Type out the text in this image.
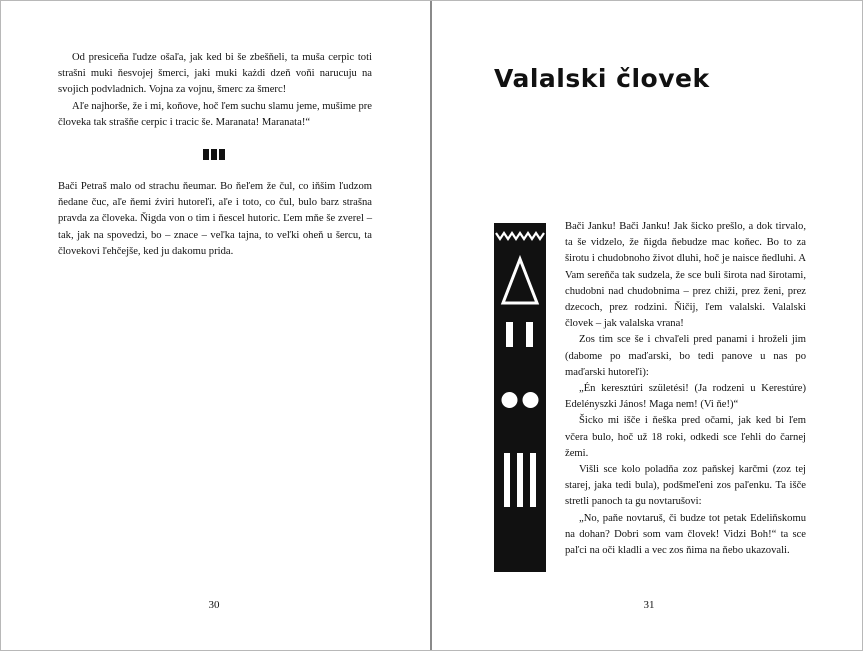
Od presiceňa ľudze ošaľa, jak ked bi še zbešňeli, ta muša cerpic toti strašni muki ňesvojej šmerci, jaki muki każdi dzeň voňi narucuju na svojich podvladnich. Vojna za vojnu, šmerc za šmerc!

Aľe najhorše, že i mi, koňove, hoč ľem suchu slamu jeme, mušime pre človeka tak strašňe cerpic i tracic še. Maranata! Maranata!“

Bači Petraš malo od strachu ňeumar. Bo ňeľem že čul, co iňšim ľudzom ňedane čuc, aľe ňemi źviri hutoreľi, aľe i toto, co čul, bulo barz strašna pravda za človeka. Ňigda von o tim i ňescel hutoric. Ľem mňe še zverel – tak, jak na spovedzi, bo – znace – veľka tajna, to veľki oheň u šercu, ta človekovi ľehčejše, ked ju dakomu prida.

30
Valalski človek

Bači Janku! Bači Janku! Jak šicko prešlo, a dok tirvalo, ta še vidzelo, že ňigda ňebudze mac koňec. Bo to za širotu i chudobnoho život dluhi, hoč je naisce ňedluhi. A Vam sereňča tak sudzela, že sce buli širota nad širotami, chudobni nad chudobnima – prez chiži, prez ženi, prez dzecoch, prez rodzini. Ňičij, ľem valalski. Valalski človek – jak valalska vrana!

Zos tim sce še i chvaľeli pred panami i hroželi jim (dabome po maďarski, bo tedi panove u nas po maďarski hutoreľi):

„Én keresztúri születési! (Ja rodzeni u Kerestúre) Edelényszki János! Maga nem! (Vi ňe!)“

Šicko mi išče i ňeška pred očami, jak ked bi ľem včera bulo, hoč už 18 roki, odkedi sce ľehli do čarnej žemi.

Višli sce kolo poladňa zoz paňskej karčmi (zoz tej starej, jaka tedi bula), podšmeľeni zos paľenku. Ta išče stretli panoch ta gu novtarušovi:

„No, paňe novtaruš, či budze tot petak Edeliňskomu na dohan? Dobri som vam človek! Vidzi Boh!“ ta sce paľci na oči kladli a vec zos ňima na ňebo ukazovali.

31
